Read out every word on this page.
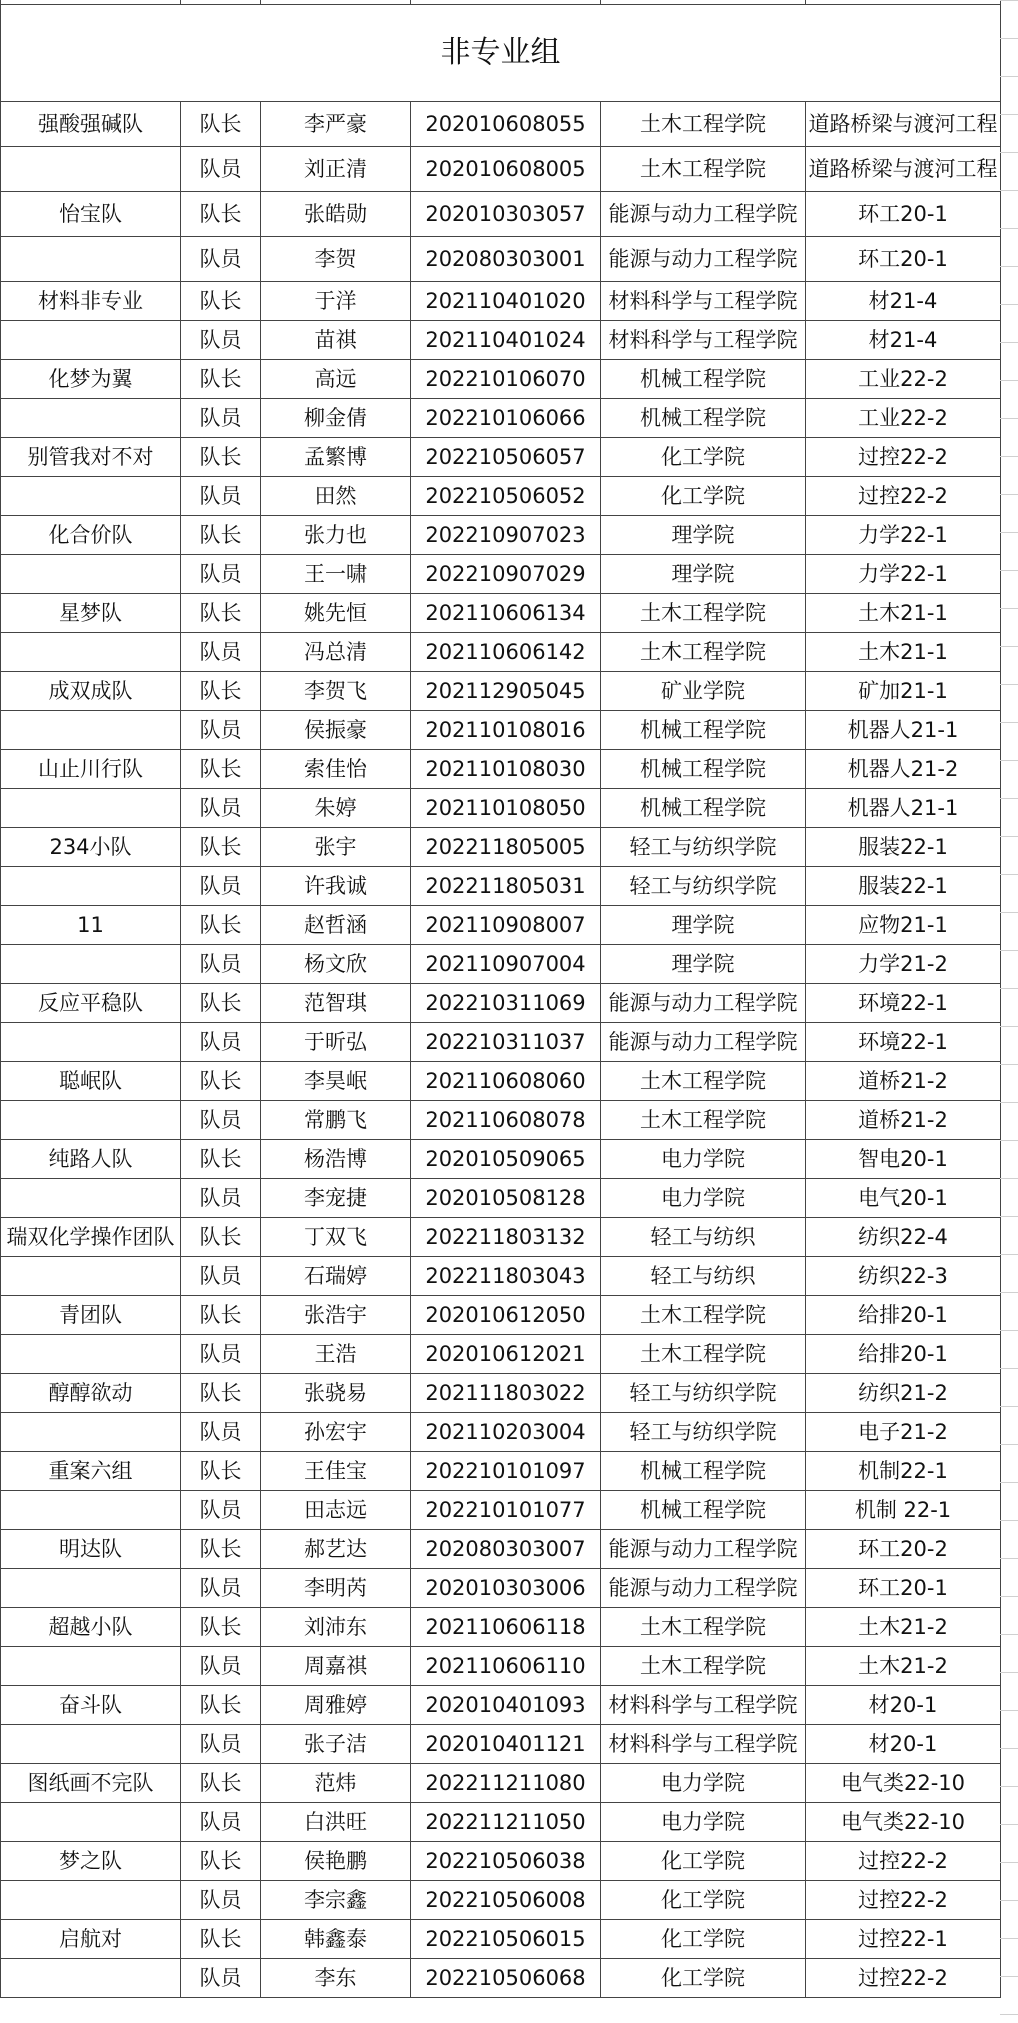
非专业组					
强酸强碱队	队长	李严豪	202010608055	土木工程学院	道路桥梁与渡河工程
	队员	刘正清	202010608005	土木工程学院	道路桥梁与渡河工程
怡宝队	队长	张皓勋	202010303057	能源与动力工程学院	环工20-1
	队员	李贺	202080303001	能源与动力工程学院	环工20-1
材料非专业	队长	于洋	202110401020	材料科学与工程学院	材21-4
	队员	苗祺	202110401024	材料科学与工程学院	材21-4
化梦为翼	队长	高远	202210106070	机械工程学院	工业22-2
	队员	柳金倩	202210106066	机械工程学院	工业22-2
别管我对不对	队长	孟繁博	202210506057	化工学院	过控22-2
	队员	田然	202210506052	化工学院	过控22-2
化合价队	队长	张力也	202210907023	理学院	力学22-1
	队员	王一啸	202210907029	理学院	力学22-1
星梦队	队长	姚先恒	202110606134	土木工程学院	土木21-1
	队员	冯总清	202110606142	土木工程学院	土木21-1
成双成队	队长	李贺飞	202112905045	矿业学院	矿加21-1
	队员	侯振豪	202110108016	机械工程学院	机器人21-1
山止川行队	队长	索佳怡	202110108030	机械工程学院	机器人21-2
	队员	朱婷	202110108050	机械工程学院	机器人21-1
234小队	队长	张宇	202211805005	轻工与纺织学院	服装22-1
	队员	许我诚	202211805031	轻工与纺织学院	服装22-1
11	队长	赵哲涵	202110908007	理学院	应物21-1
	队员	杨文欣	202110907004	理学院	力学21-2
反应平稳队	队长	范智琪	202210311069	能源与动力工程学院	环境22-1
	队员	于昕弘	202210311037	能源与动力工程学院	环境22-1
聪岷队	队长	李昊岷	202110608060	土木工程学院	道桥21-2
	队员	常鹏飞	202110608078	土木工程学院	道桥21-2
纯路人队	队长	杨浩博	202010509065	电力学院	智电20-1
	队员	李宠捷	202010508128	电力学院	电气20-1
瑞双化学操作团队	队长	丁双飞	202211803132	轻工与纺织	纺织22-4
	队员	石瑞婷	202211803043	轻工与纺织	纺织22-3
青团队	队长	张浩宇	202010612050	土木工程学院	给排20-1
	队员	王浩	202010612021	土木工程学院	给排20-1
醇醇欲动	队长	张骁易	202111803022	轻工与纺织学院	纺织21-2
	队员	孙宏宇	202110203004	轻工与纺织学院	电子21-2
重案六组	队长	王佳宝	202210101097	机械工程学院	机制22-1
	队员	田志远	202210101077	机械工程学院	机制 22-1
明达队	队长	郝艺达	202080303007	能源与动力工程学院	环工20-2
	队员	李明芮	202010303006	能源与动力工程学院	环工20-1
超越小队	队长	刘沛东	202110606118	土木工程学院	土木21-2
	队员	周嘉祺	202110606110	土木工程学院	土木21-2
奋斗队	队长	周雅婷	202010401093	材料科学与工程学院	材20-1
	队员	张子洁	202010401121	材料科学与工程学院	材20-1
图纸画不完队	队长	范炜	202211211080	电力学院	电气类22-10
	队员	白洪旺	202211211050	电力学院	电气类22-10
梦之队	队长	侯艳鹏	202210506038	化工学院	过控22-2
	队员	李宗鑫	202210506008	化工学院	过控22-2
启航对	队长	韩鑫泰	202210506015	化工学院	过控22-1
	队员	李东	202210506068	化工学院	过控22-2
